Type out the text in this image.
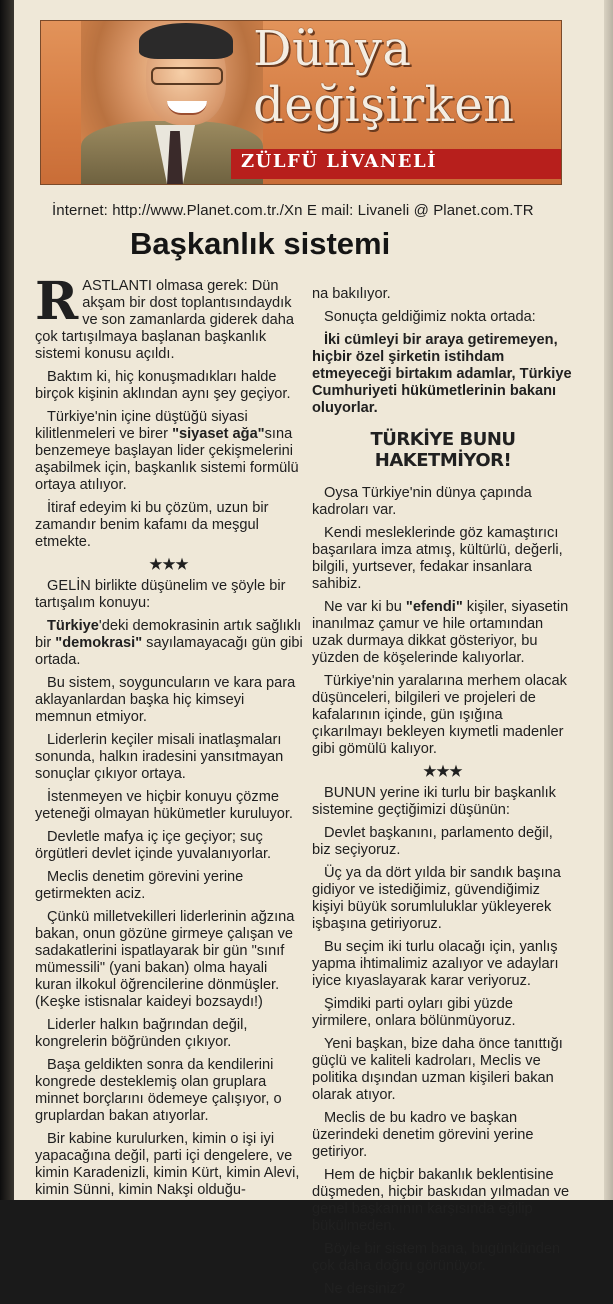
Dünya
değişirken
ZÜLFÜ LİVANELİ
İnternet: http://www.Planet.com.tr./Xn E mail: Livaneli @ Planet.com.TR
Başkanlık sistemi

RASTLANTI olmasa gerek: Dün akşam bir dost toplantısındaydık ve son zamanlarda giderek daha çok tartışılmaya başlanan başkanlık sistemi konusu açıldı.

Baktım ki, hiç konuşmadıkları halde birçok kişinin aklından aynı şey geçiyor.

Türkiye'nin içine düştüğü siyasi kilitlenmeleri ve birer "siyaset ağa"sına benzemeye başlayan lider çekişmelerini aşabilmek için, başkanlık sistemi formülü ortaya atılıyor.

İtiraf edeyim ki bu çözüm, uzun bir zamandır benim kafamı da meşgul etmekte.

★★★

GELİN birlikte düşünelim ve şöyle bir tartışalım konuyu:

Türkiye'deki demokrasinin artık sağlıklı bir "demokrasi" sayılamayacağı gün gibi ortada.

Bu sistem, soyguncuların ve kara para aklayanlardan başka hiç kimseyi memnun etmiyor.

Liderlerin keçiler misali inatlaşmaları sonunda, halkın iradesini yansıtmayan sonuçlar çıkıyor ortaya.

İstenmeyen ve hiçbir konuyu çözme yeteneği olmayan hükümetler kuruluyor.

Devletle mafya iç içe geçiyor; suç örgütleri devlet içinde yuvalanıyorlar.

Meclis denetim görevini yerine getirmekten aciz.

Çünkü milletvekilleri liderlerinin ağzına bakan, onun gözüne girmeye çalışan ve sadakatlerini ispatlayarak bir gün "sınıf mümessili" (yani bakan) olma hayali kuran ilkokul öğrencilerine dönmüşler. (Keşke istisnalar kaideyi bozsaydı!)

Liderler halkın bağrından değil, kongrelerin böğründen çıkıyor.

Başa geldikten sonra da kendilerini kongrede desteklemiş olan gruplara minnet borçlarını ödemeye çalışıyor, o gruplardan bakan atıyorlar.

Bir kabine kurulurken, kimin o işi iyi yapacağına değil, parti içi dengelere, ve kimin Karadenizli, kimin Kürt, kimin Alevi, kimin Sünni, kimin Nakşi olduğu-

na bakılıyor.

Sonuçta geldiğimiz nokta ortada:

İki cümleyi bir araya getiremeyen, hiçbir özel şirketin istihdam etmeyeceği birtakım adamlar, Türkiye Cumhuriyeti hükümetlerinin bakanı oluyorlar.

TÜRKİYE BUNU HAKETMİYOR!

Oysa Türkiye'nin dünya çapında kadroları var.

Kendi mesleklerinde göz kamaştırıcı başarılara imza atmış, kültürlü, değerli, bilgili, yurtsever, fedakar insanlara sahibiz.

Ne var ki bu "efendi" kişiler, siyasetin inanılmaz çamur ve hile ortamından uzak durmaya dikkat gösteriyor, bu yüzden de köşelerinde kalıyorlar.

Türkiye'nin yaralarına merhem olacak düşünceleri, bilgileri ve projeleri de kafalarının içinde, gün ışığına çıkarılmayı bekleyen kıymetli madenler gibi gömülü kalıyor.

★★★

BUNUN yerine iki turlu bir başkanlık sistemine geçtiğimizi düşünün:

Devlet başkanını, parlamento değil, biz seçiyoruz.

Üç ya da dört yılda bir sandık başına gidiyor ve istediğimiz, güvendiğimiz kişiyi büyük sorumluluklar yükleyerek işbaşına getiriyoruz.

Bu seçim iki turlu olacağı için, yanlış yapma ihtimalimiz azalıyor ve adayları iyice kıyaslayarak karar veriyoruz.

Şimdiki parti oyları gibi yüzde yirmilere, onlara bölünmüyoruz.

Yeni başkan, bize daha önce tanıttığı güçlü ve kaliteli kadroları, Meclis ve politika dışından uzman kişileri bakan olarak atıyor.

Meclis de bu kadro ve başkan üzerindeki denetim görevini yerine getiriyor.

Hem de hiçbir bakanlık beklentisine düşmeden, hiçbir baskıdan yılmadan ve genel başkanının karşısında eğilip bükülmeden.

Böyle bir sistem bana, bugünkünden çok daha doğru görünüyor.

Ne dersiniz?
